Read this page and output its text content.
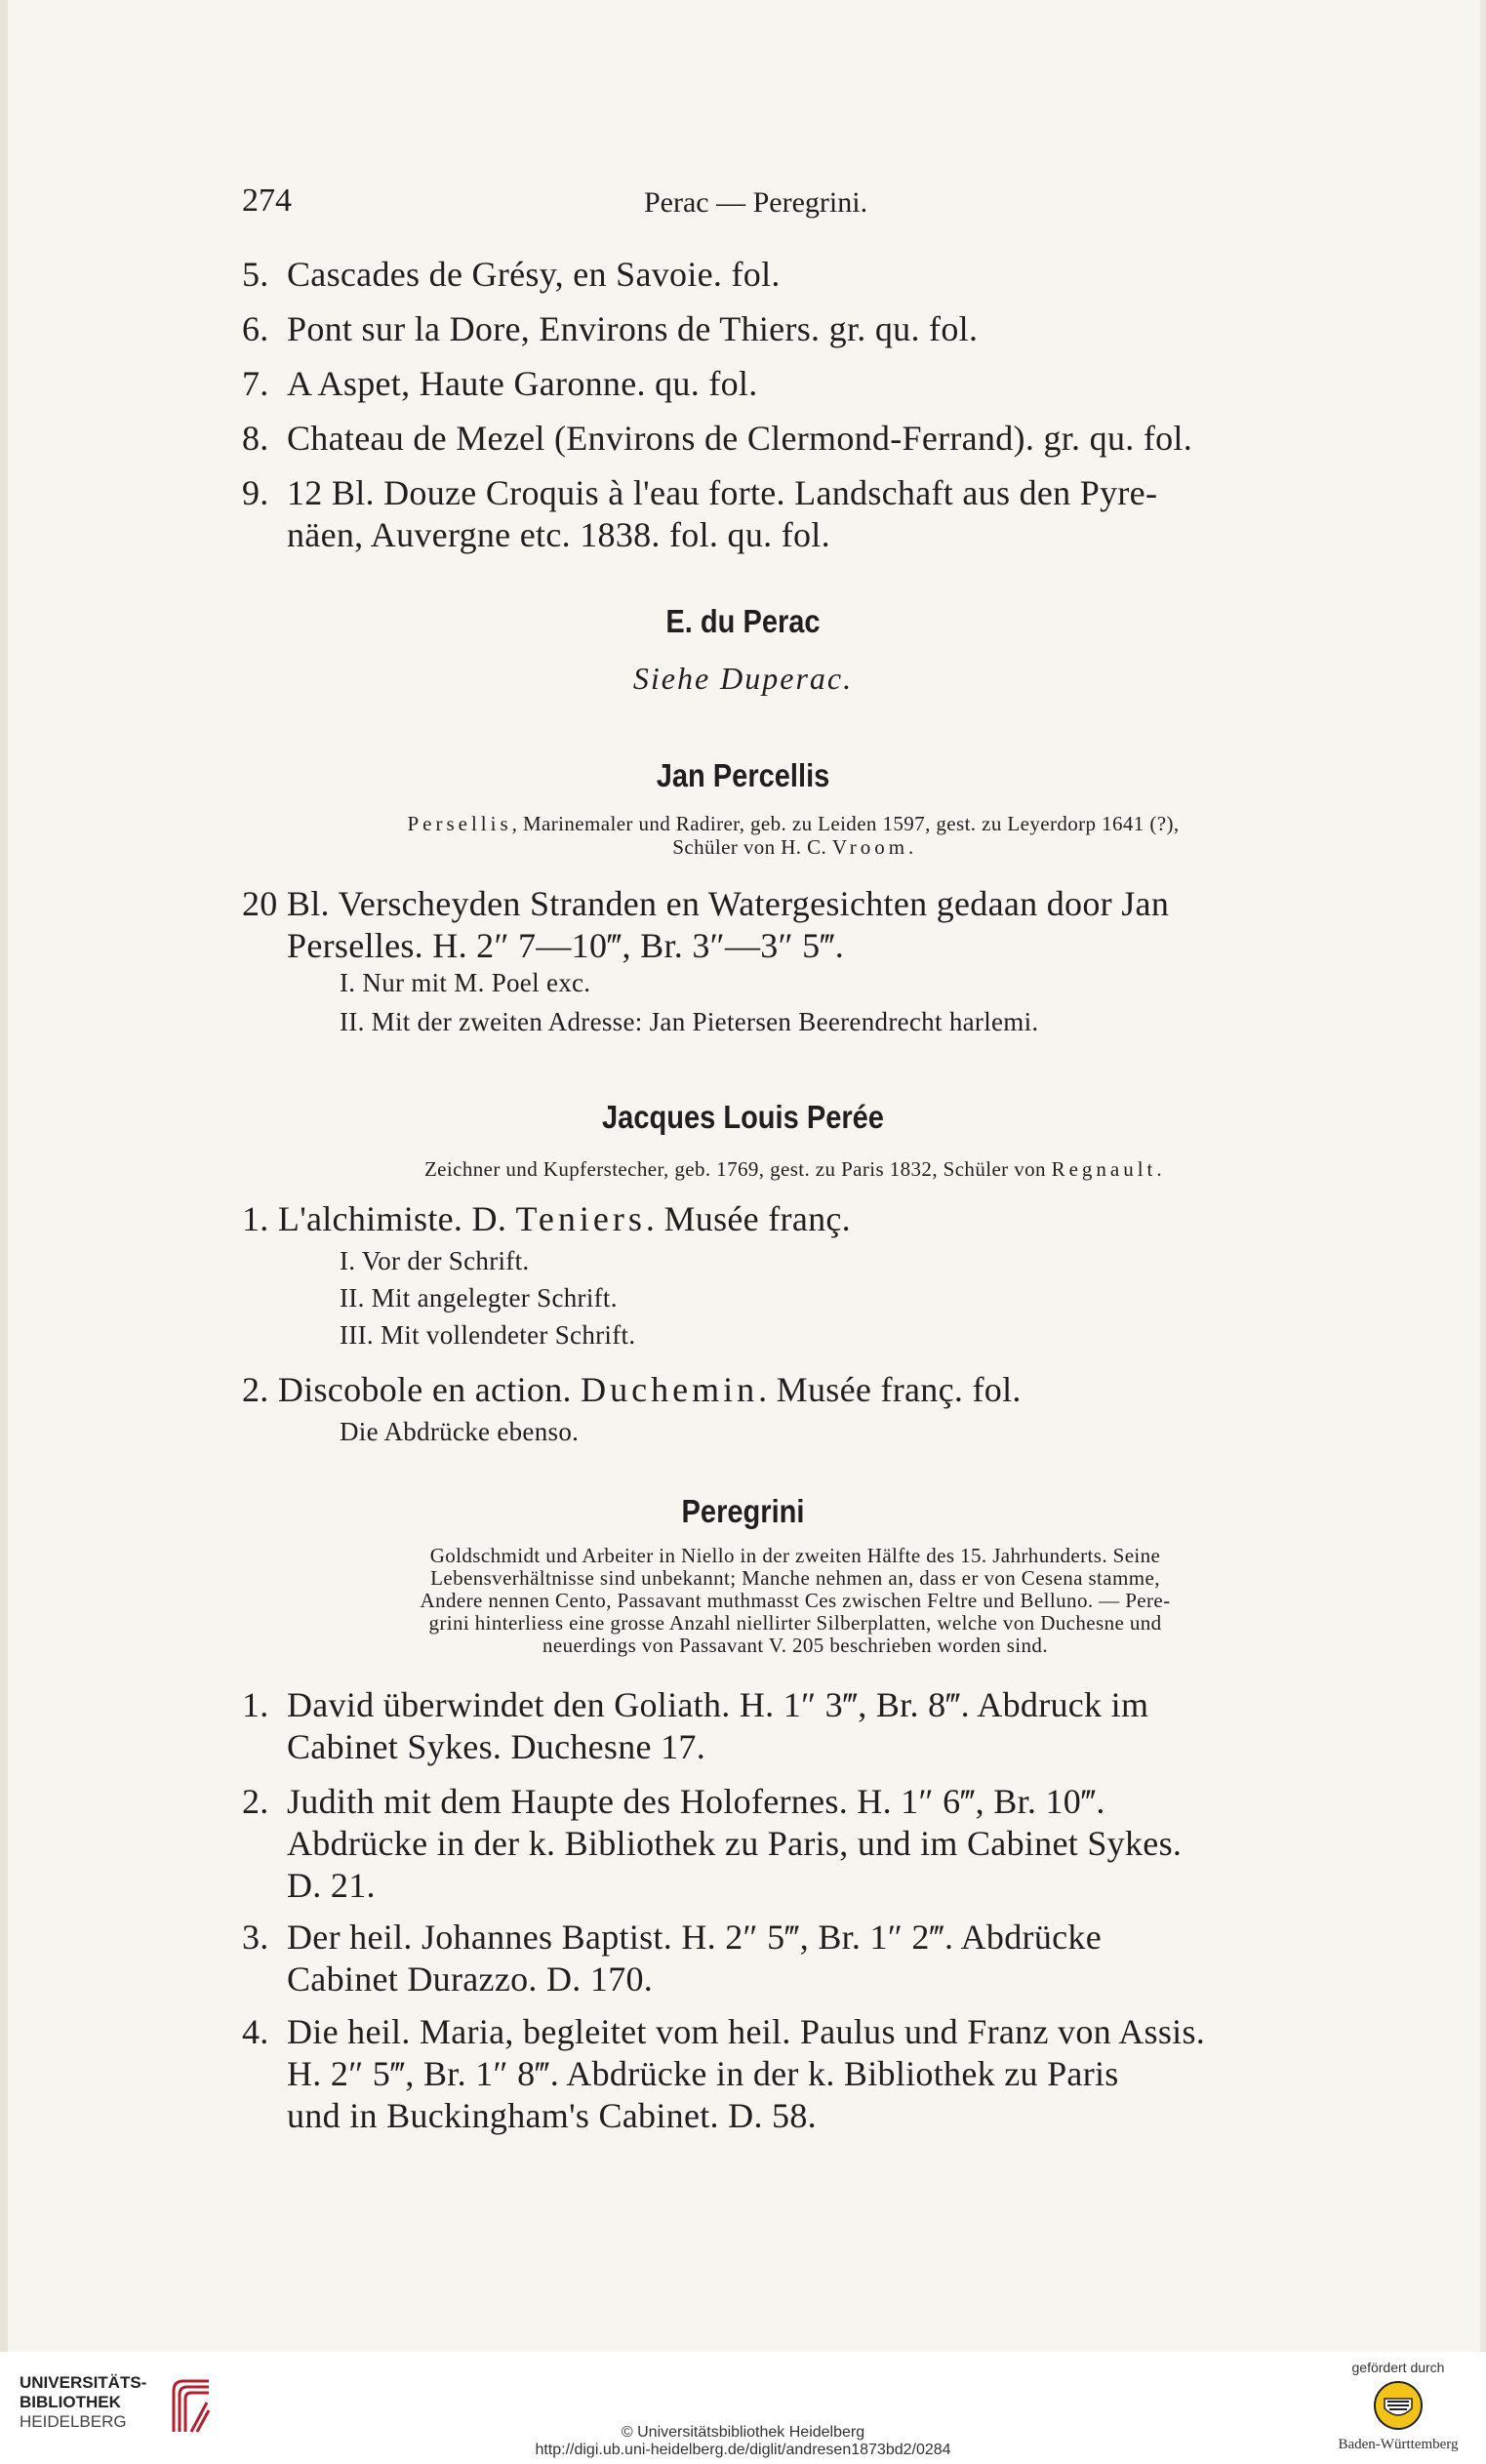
274	Perac — Peregrini.
5. Cascades de Grésy, en Savoie. fol.
6. Pont sur la Dore, Environs de Thiers. gr. qu. fol.
7. A Aspet, Haute Garonne. qu. fol.
8. Chateau de Mezel (Environs de Clermond-Ferrand). gr. qu. fol.
9. 12 Bl. Douze Croquis à l'eau forte. Landschaft aus den Pyre-
näen, Auvergne etc. 1838. fol. qu. fol.
E. du Perac
Siehe Duperac.
Jan Percellis
Persellis, Marinemaler und Radirer, geb. zu Leiden 1597, gest. zu Leyerdorp 1641 (?),
Schüler von H. C. Vroom.
20 Bl. Verscheyden Stranden en Watergesichten gedaan door Jan
Perselles. H. 2″ 7—10‴, Br. 3″—3″ 5‴.
I. Nur mit M. Poel exc.
II. Mit der zweiten Adresse: Jan Pietersen Beerendrecht harlemi.
Jacques Louis Perée
Zeichner und Kupferstecher, geb. 1769, gest. zu Paris 1832, Schüler von Regnault.
1. L'alchimiste. D. Teniers. Musée franç.
I. Vor der Schrift.
II. Mit angelegter Schrift.
III. Mit vollendeter Schrift.
2. Discobole en action. Duchemin. Musée franç. fol.
Die Abdrücke ebenso.
Peregrini
Goldschmidt und Arbeiter in Niello in der zweiten Hälfte des 15. Jahrhunderts. Seine
Lebensverhältnisse sind unbekannt; Manche nehmen an, dass er von Cesena stamme,
Andere nennen Cento, Passavant muthmasst Ces zwischen Feltre und Belluno. — Pere-
grini hinterliess eine grosse Anzahl niellirter Silberplatten, welche von Duchesne und
neuerdings von Passavant V. 205 beschrieben worden sind.
1. David überwindet den Goliath. H. 1″ 3‴, Br. 8‴. Abdruck im
Cabinet Sykes. Duchesne 17.
2. Judith mit dem Haupte des Holofernes. H. 1″ 6‴, Br. 10‴.
Abdrücke in der k. Bibliothek zu Paris, und im Cabinet Sykes.
D. 21.
3. Der heil. Johannes Baptist. H. 2″ 5‴, Br. 1″ 2‴. Abdrücke
Cabinet Durazzo. D. 170.
4. Die heil. Maria, begleitet vom heil. Paulus und Franz von Assis.
H. 2″ 5‴, Br. 1″ 8‴. Abdrücke in der k. Bibliothek zu Paris
und in Buckingham's Cabinet. D. 58.
UNIVERSITÄTS-
BIBLIOTHEK
HEIDELBERG
© Universitätsbibliothek Heidelberg
http://digi.ub.uni-heidelberg.de/diglit/andresen1873bd2/0284
gefördert durch
Baden-Württemberg
